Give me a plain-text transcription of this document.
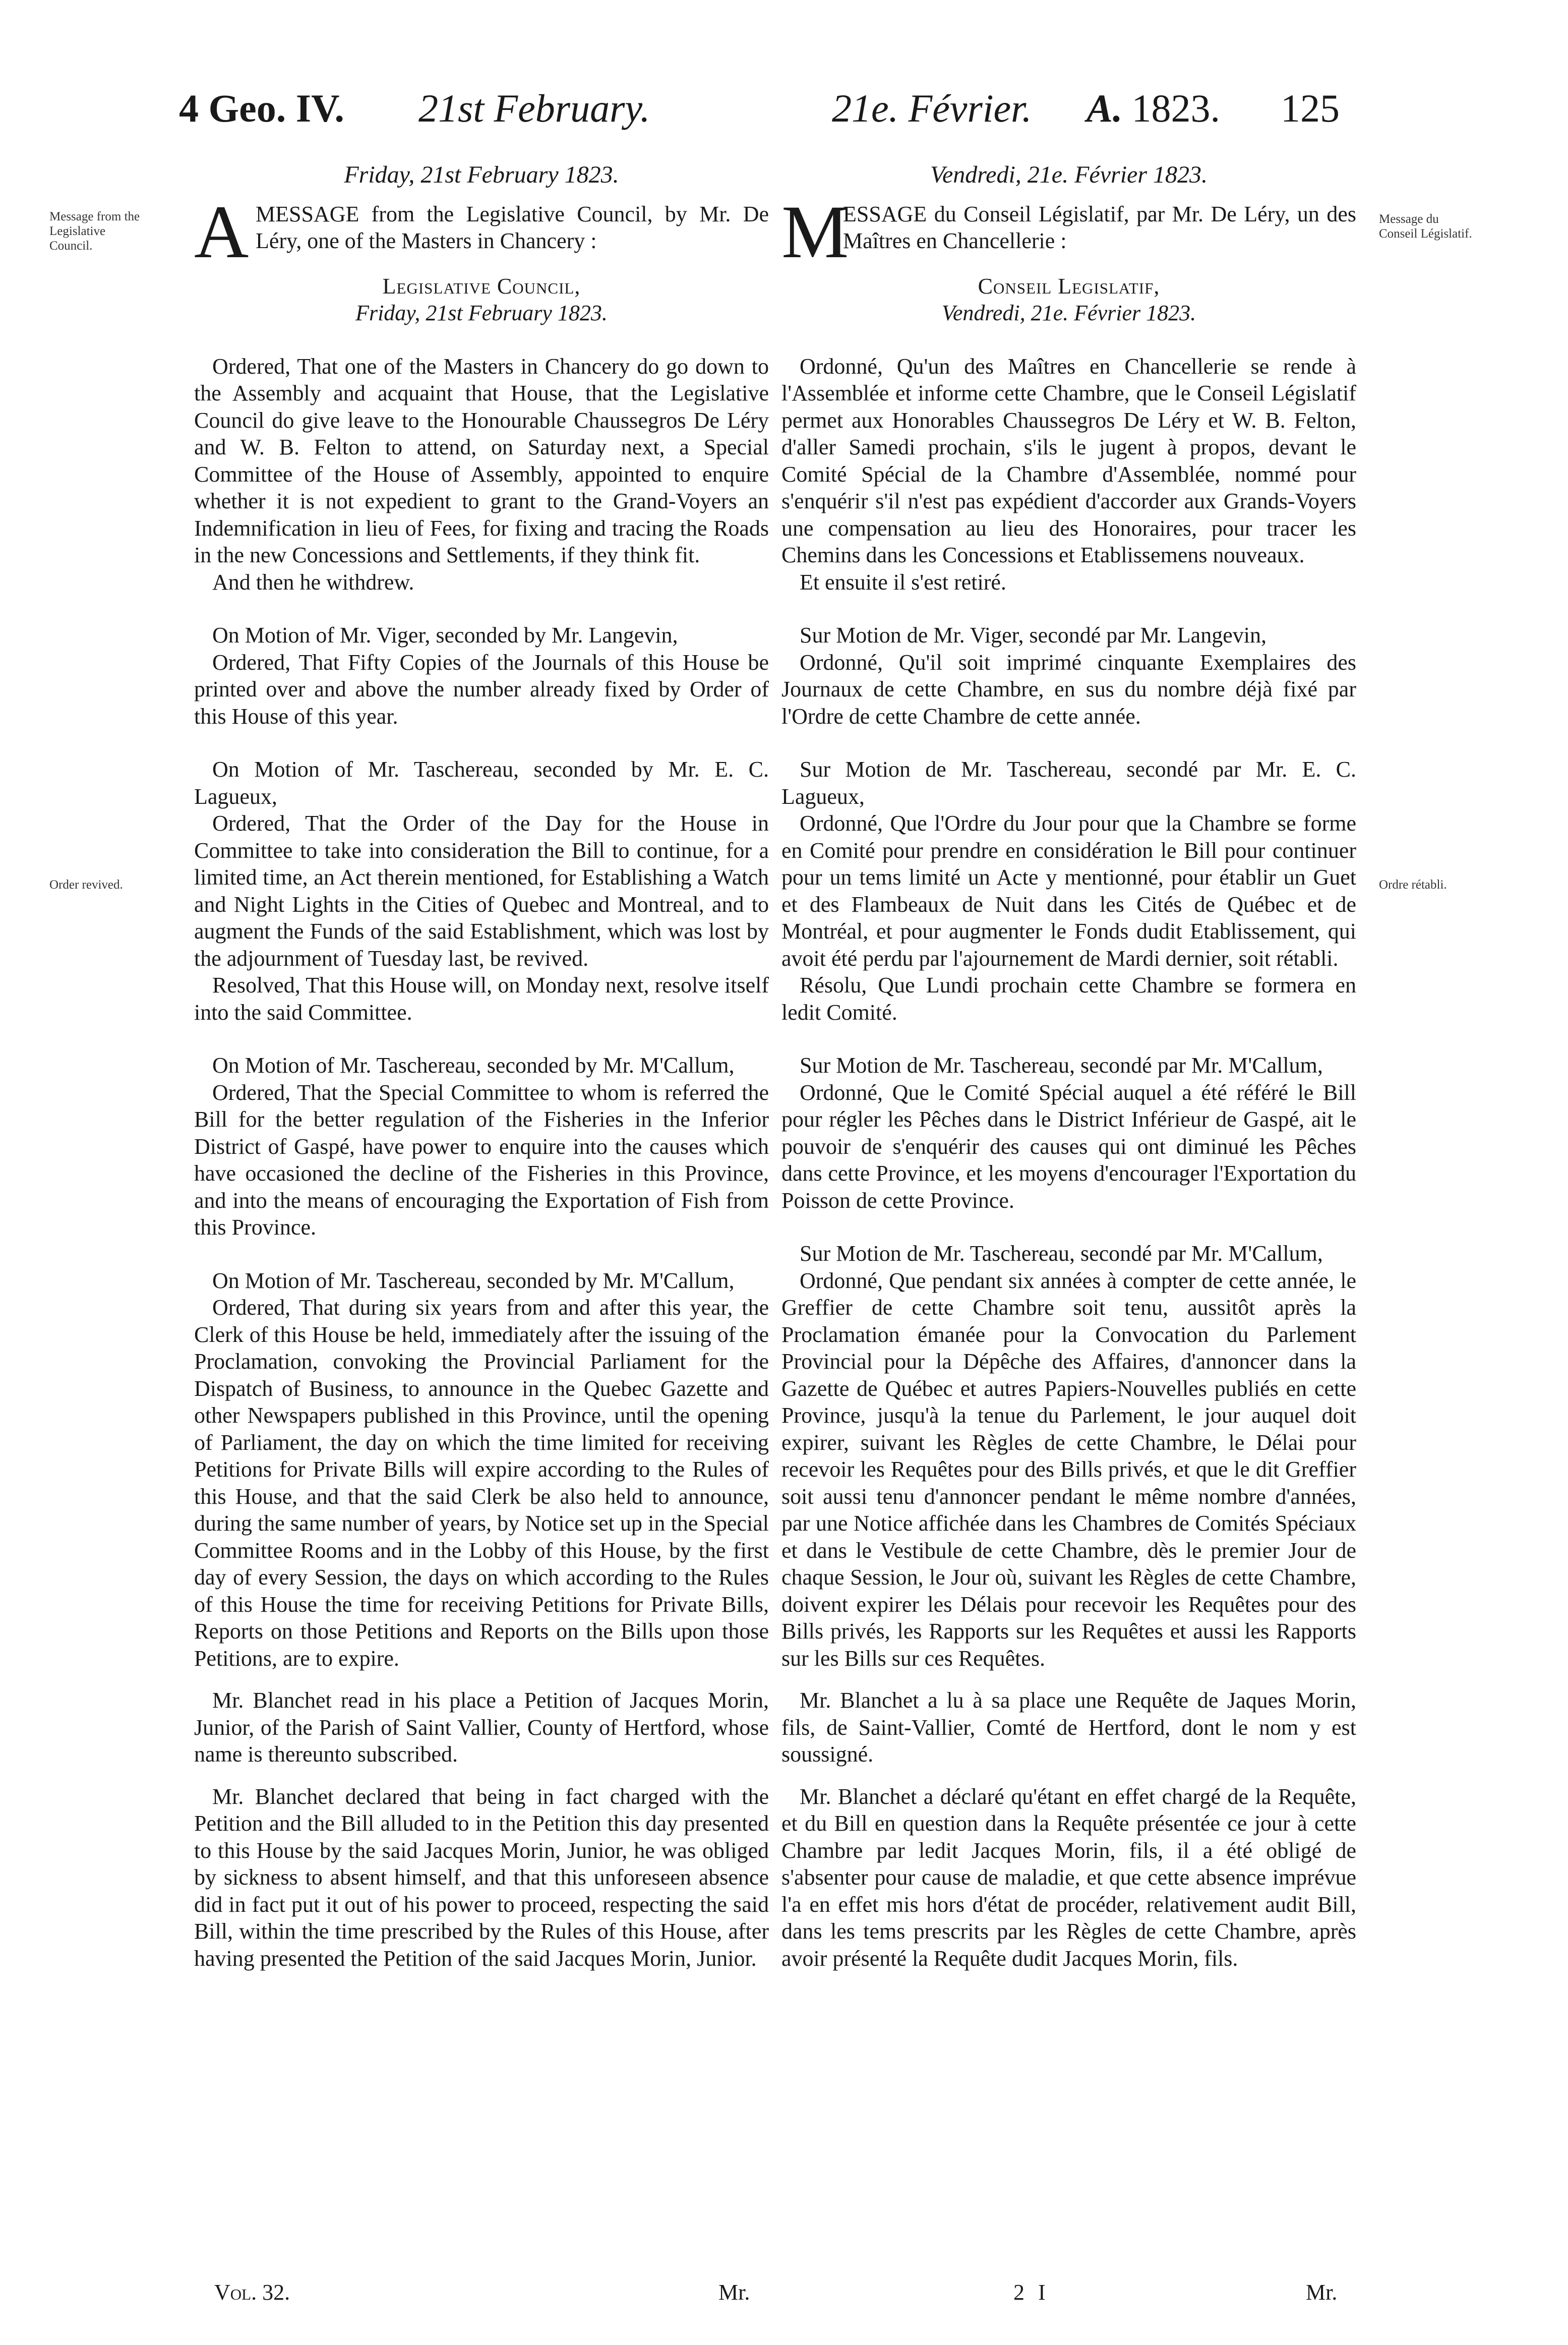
4 Geo. IV. 21st February.	21e. Février. A. 1823. 125
Message from the Legislative Council.
Message du Conseil Législatif.
Order revived.	Ordre rétabli.
Friday, 21st February 1823.
A MESSAGE from the Legislative Council, by Mr. De Léry, one of the Masters in Chancery :
Legislative Council,
Friday, 21st February 1823.

Ordered, That one of the Masters in Chancery do go down to the Assembly and acquaint that House, that the Legislative Council do give leave to the Honourable Chaussegros De Léry and W. B. Felton to attend, on Saturday next, a Special Committee of the House of Assembly, appointed to enquire whether it is not expedient to grant to the Grand-Voyers an Indemnification in lieu of Fees, for fixing and tracing the Roads in the new Concessions and Settlements, if they think fit.

And then he withdrew.

On Motion of Mr. Viger, seconded by Mr. Langevin,

Ordered, That Fifty Copies of the Journals of this House be printed over and above the number already fixed by Order of this House of this year.

On Motion of Mr. Taschereau, seconded by Mr. E. C. Lagueux,

Ordered, That the Order of the Day for the House in Committee to take into consideration the Bill to continue, for a limited time, an Act therein mentioned, for Establishing a Watch and Night Lights in the Cities of Quebec and Montreal, and to augment the Funds of the said Establishment, which was lost by the adjournment of Tuesday last, be revived.

Resolved, That this House will, on Monday next, resolve itself into the said Committee.

On Motion of Mr. Taschereau, seconded by Mr. M'Callum,

Ordered, That the Special Committee to whom is referred the Bill for the better regulation of the Fisheries in the Inferior District of Gaspé, have power to enquire into the causes which have occasioned the decline of the Fisheries in this Province, and into the means of encouraging the Exportation of Fish from this Province.

On Motion of Mr. Taschereau, seconded by Mr. M'Callum,

Ordered, That during six years from and after this year, the Clerk of this House be held, immediately after the issuing of the Proclamation, convoking the Provincial Parliament for the Dispatch of Business, to announce in the Quebec Gazette and other Newspapers published in this Province, until the opening of Parliament, the day on which the time limited for receiving Petitions for Private Bills will expire according to the Rules of this House, and that the said Clerk be also held to announce, during the same number of years, by Notice set up in the Special Committee Rooms and in the Lobby of this House, by the first day of every Session, the days on which according to the Rules of this House the time for receiving Petitions for Private Bills, Reports on those Petitions and Reports on the Bills upon those Petitions, are to expire.

Mr. Blanchet read in his place a Petition of Jacques Morin, Junior, of the Parish of Saint Vallier, County of Hertford, whose name is thereunto subscribed.

Mr. Blanchet declared that being in fact charged with the Petition and the Bill alluded to in the Petition this day presented to this House by the said Jacques Morin, Junior, he was obliged by sickness to absent himself, and that this unforeseen absence did in fact put it out of his power to proceed, respecting the said Bill, within the time prescribed by the Rules of this House, after having presented the Petition of the said Jacques Morin, Junior.

Vendredi, 21e. Février 1823.
M
ESSAGE du Conseil Législatif, par Mr. De Léry, un des Maîtres en Chancellerie :
Conseil Legislatif,
Vendredi, 21e. Février 1823.

Ordonné, Qu'un des Maîtres en Chancellerie se rende à l'Assemblée et informe cette Chambre, que le Conseil Législatif permet aux Honorables Chaussegros De Léry et W. B. Felton, d'aller Samedi prochain, s'ils le jugent à propos, devant le Comité Spécial de la Chambre d'Assemblée, nommé pour s'enquérir s'il n'est pas expédient d'accorder aux Grands-Voyers une compensation au lieu des Honoraires, pour tracer les Chemins dans les Concessions et Etablissemens nouveaux.

Et ensuite il s'est retiré.

Sur Motion de Mr. Viger, secondé par Mr. Langevin,

Ordonné, Qu'il soit imprimé cinquante Exemplaires des Journaux de cette Chambre, en sus du nombre déjà fixé par l'Ordre de cette Chambre de cette année.

Sur Motion de Mr. Taschereau, secondé par Mr. E. C. Lagueux,

Ordonné, Que l'Ordre du Jour pour que la Chambre se forme en Comité pour prendre en considération le Bill pour continuer pour un tems limité un Acte y mentionné, pour établir un Guet et des Flambeaux de Nuit dans les Cités de Québec et de Montréal, et pour augmenter le Fonds dudit Etablissement, qui avoit été perdu par l'ajournement de Mardi dernier, soit rétabli.

Résolu, Que Lundi prochain cette Chambre se formera en ledit Comité.

Sur Motion de Mr. Taschereau, secondé par Mr. M'Callum,

Ordonné, Que le Comité Spécial auquel a été référé le Bill pour régler les Pêches dans le District Inférieur de Gaspé, ait le pouvoir de s'enquérir des causes qui ont diminué les Pêches dans cette Province, et les moyens d'encourager l'Exportation du Poisson de cette Province.

Sur Motion de Mr. Taschereau, secondé par Mr. M'Callum,

Ordonné, Que pendant six années à compter de cette année, le Greffier de cette Chambre soit tenu, aussitôt après la Proclamation émanée pour la Convocation du Parlement Provincial pour la Dépêche des Affaires, d'annoncer dans la Gazette de Québec et autres Papiers-Nouvelles publiés en cette Province, jusqu'à la tenue du Parlement, le jour auquel doit expirer, suivant les Règles de cette Chambre, le Délai pour recevoir les Requêtes pour des Bills privés, et que le dit Greffier soit aussi tenu d'annoncer pendant le même nombre d'années, par une Notice affichée dans les Chambres de Comités Spéciaux et dans le Vestibule de cette Chambre, dès le premier Jour de chaque Session, le Jour où, suivant les Règles de cette Chambre, doivent expirer les Délais pour recevoir les Requêtes pour des Bills privés, les Rapports sur les Requêtes et aussi les Rapports sur les Bills sur ces Requêtes.

Mr. Blanchet a lu à sa place une Requête de Jaques Morin, fils, de Saint-Vallier, Comté de Hertford, dont le nom y est soussigné.

Mr. Blanchet a déclaré qu'étant en effet chargé de la Requête, et du Bill en question dans la Requête présentée ce jour à cette Chambre par ledit Jacques Morin, fils, il a été obligé de s'absenter pour cause de maladie, et que cette absence imprévue l'a en effet mis hors d'état de procéder, relativement audit Bill, dans les tems prescrits par les Règles de cette Chambre, après avoir présenté la Requête dudit Jacques Morin, fils.

Vol. 32.	Mr.	2 I	Mr.
